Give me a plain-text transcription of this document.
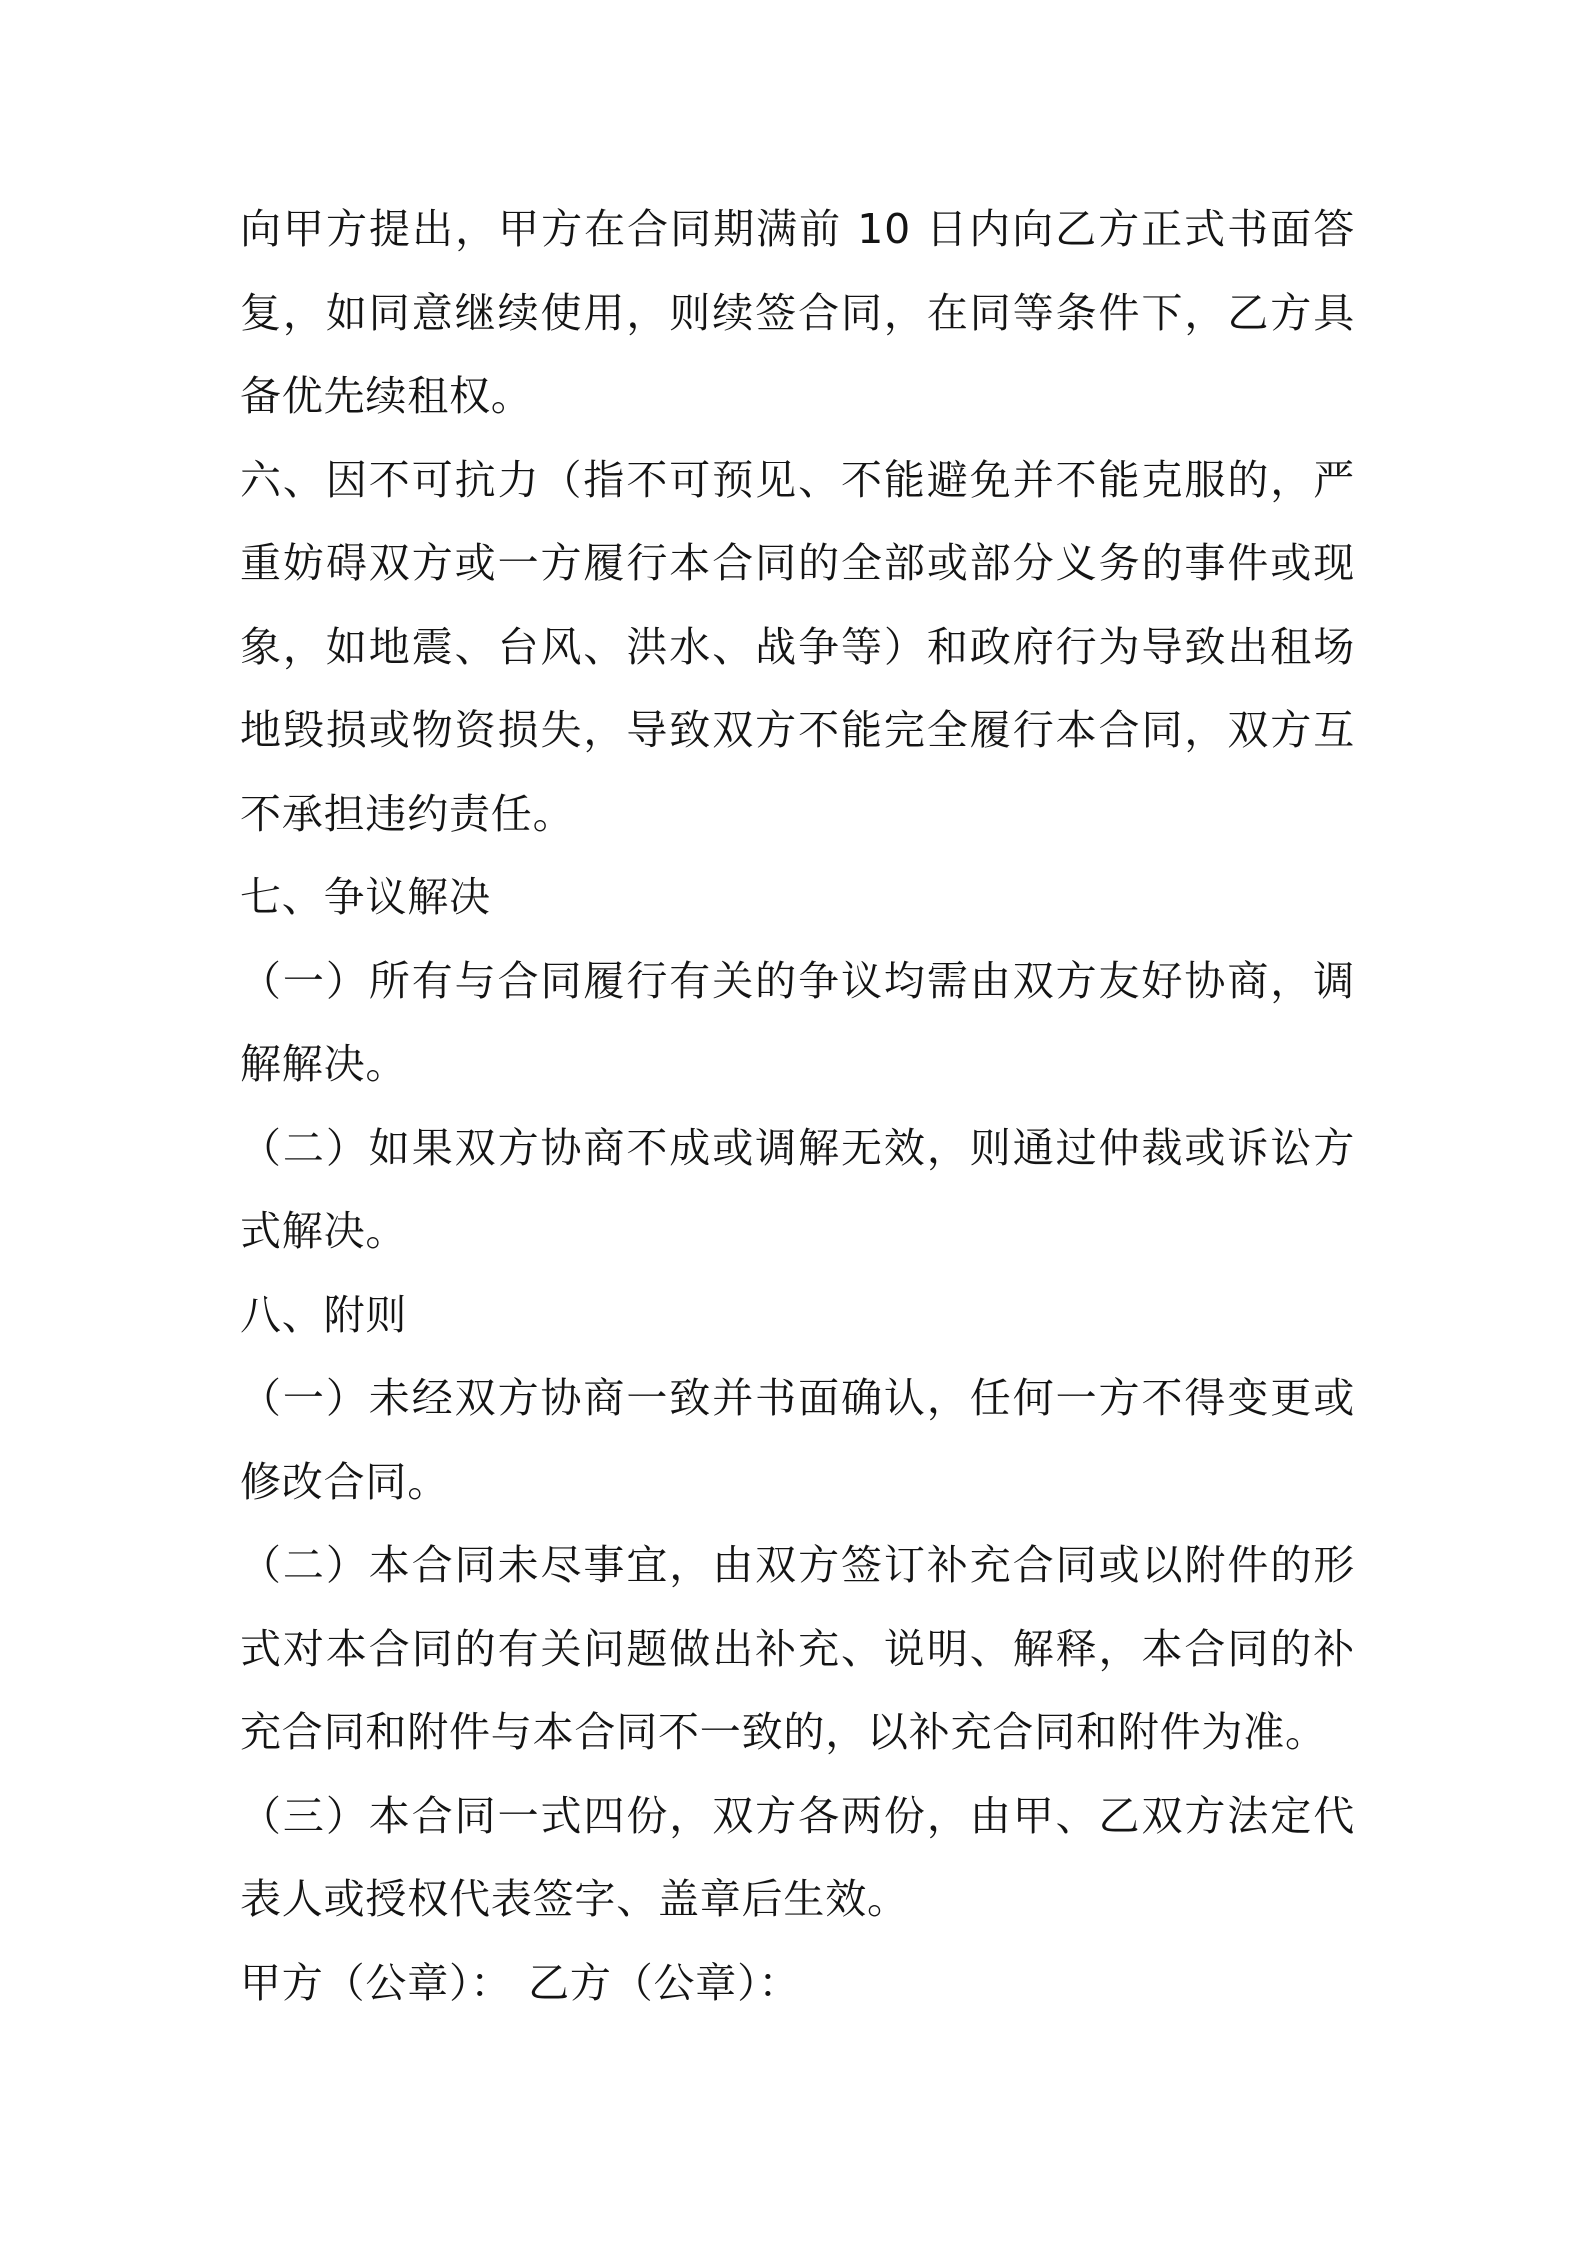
向甲方提出，甲方在合同期满前 10 日内向乙方正式书面答复，如同意继续使用，则续签合同，在同等条件下，乙方具备优先续租权。

六、因不可抗力（指不可预见、不能避免并不能克服的，严重妨碍双方或一方履行本合同的全部或部分义务的事件或现象，如地震、台风、洪水、战争等）和政府行为导致出租场地毁损或物资损失，导致双方不能完全履行本合同，双方互不承担违约责任。

七、争议解决

（一）所有与合同履行有关的争议均需由双方友好协商，调解解决。

（二）如果双方协商不成或调解无效，则通过仲裁或诉讼方式解决。

八、附则

（一）未经双方协商一致并书面确认，任何一方不得变更或修改合同。

（二）本合同未尽事宜，由双方签订补充合同或以附件的形式对本合同的有关问题做出补充、说明、解释，本合同的补充合同和附件与本合同不一致的，以补充合同和附件为准。

（三）本合同一式四份，双方各两份，由甲、乙双方法定代表人或授权代表签字、盖章后生效。

甲方（公章）： 乙方（公章）：
